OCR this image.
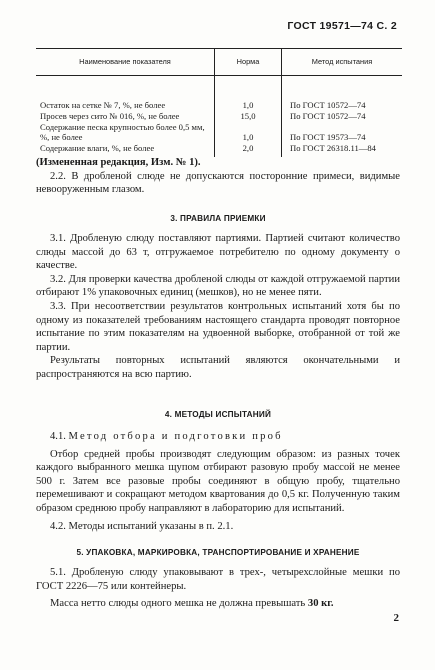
ГОСТ 19571—74 С. 2
Наименование показателя	Норма	Метод испытания
Остаток на сетке № 7, %, не более	1,0	По ГОСТ 10572—74
Просев через сито № 016, %, не более	15,0	По ГОСТ 10572—74
Содержание песка крупностью более 0,5 мм, %, не более	1,0	По ГОСТ 19573—74
Содержание влаги, %, не более	2,0	По ГОСТ 26318.11—84

(Измененная редакция, Изм. № 1).

2.2. В дробленой слюде не допускаются посторонние примеси, видимые невооруженным глазом.

3. ПРАВИЛА ПРИЕМКИ

3.1. Дробленую слюду поставляют партиями. Партией считают количество слюды массой до 63 т, отгружаемое потребителю по одному документу о качестве.

3.2. Для проверки качества дробленой слюды от каждой отгружаемой партии отбирают 1% упаковочных единиц (мешков), но не менее пяти.

3.3. При несоответствии результатов контрольных испытаний хотя бы по одному из показателей требованиям настоящего стандарта проводят повторное испытание по этим показателям на удвоенной выборке, отобранной от той же партии.

Результаты повторных испытаний являются окончательными и распространяются на всю партию.

4. МЕТОДЫ ИСПЫТАНИЙ

4.1. Метод отбора и подготовки проб

Отбор средней пробы производят следующим образом: из разных точек каждого выбранного мешка щупом отбирают разовую пробу массой не менее 500 г. Затем все разовые пробы соединяют в общую пробу, тщательно перемешивают и сокращают методом квартования до 0,5 кг. Полученную таким образом среднюю пробу направляют в лабораторию для испытаний.

4.2. Методы испытаний указаны в п. 2.1.

5. УПАКОВКА, МАРКИРОВКА, ТРАНСПОРТИРОВАНИЕ И ХРАНЕНИЕ

5.1. Дробленую слюду упаковывают в трех-, четырехслойные мешки по ГОСТ 2226—75 или контейнеры.

Масса нетто слюды одного мешка не должна превышать 30 кг.

2
